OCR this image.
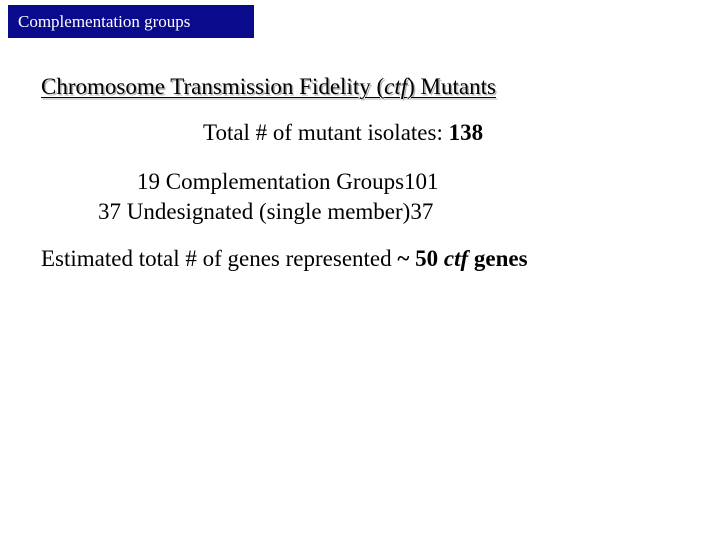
Complementation groups
Chromosome Transmission Fidelity (ctf) Mutants
Total # of mutant isolates: 138
19 Complementation Groups101
37 Undesignated (single member)37
Estimated total # of genes represented ~ 50 ctf genes
